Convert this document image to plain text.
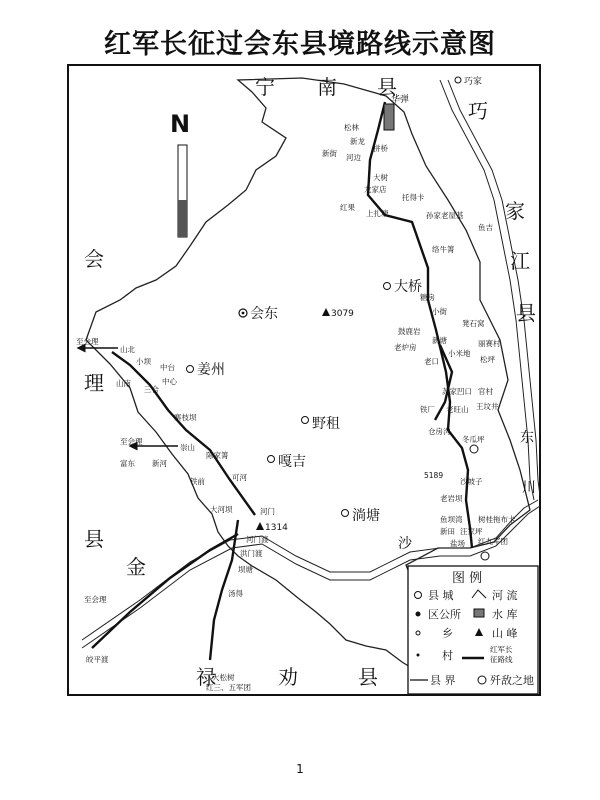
红军长征过会东县境路线示意图
N
宁 南 县
巧
家
江
县
东
川
会
理
县
金
沙
禄	劝	县
巧家
会东
大桥
姜州
野租
嘎吉
淌塘
3079
1314
5189
华弹
松林
新龙
新街
拼桥
河边
大树
龙家店
托得卡
红果
上扎塘	孙家老屋基
鱼吉
络牛箐
糖房
小街
凳石窝
鼓鹿岩
新塘
老炉房
小米地
丽赛村
老口	松坪
苏家凹口 官村
王坟井
铁厂 老旺山
仓房沟
冬瓜坪
沙坡子
老岩坝
鱼坝湾
新田 汪家坪
盐场
树桂拖布卡
红九军团
山北
小坝
中台
山南
三合
中心
寨枝坝
崇山
陈家箐
富东 新河
铁前	可河
大河坝	河门
河门渡
洪门渡
坝塘
汤得
大松树
红三、五军团
皎平渡
至会理
至会理
至会理
图 例
县 城	河 流
区公所	水 库
乡	山 峰
村	红军长
征路线
县 界	歼敌之地
1
